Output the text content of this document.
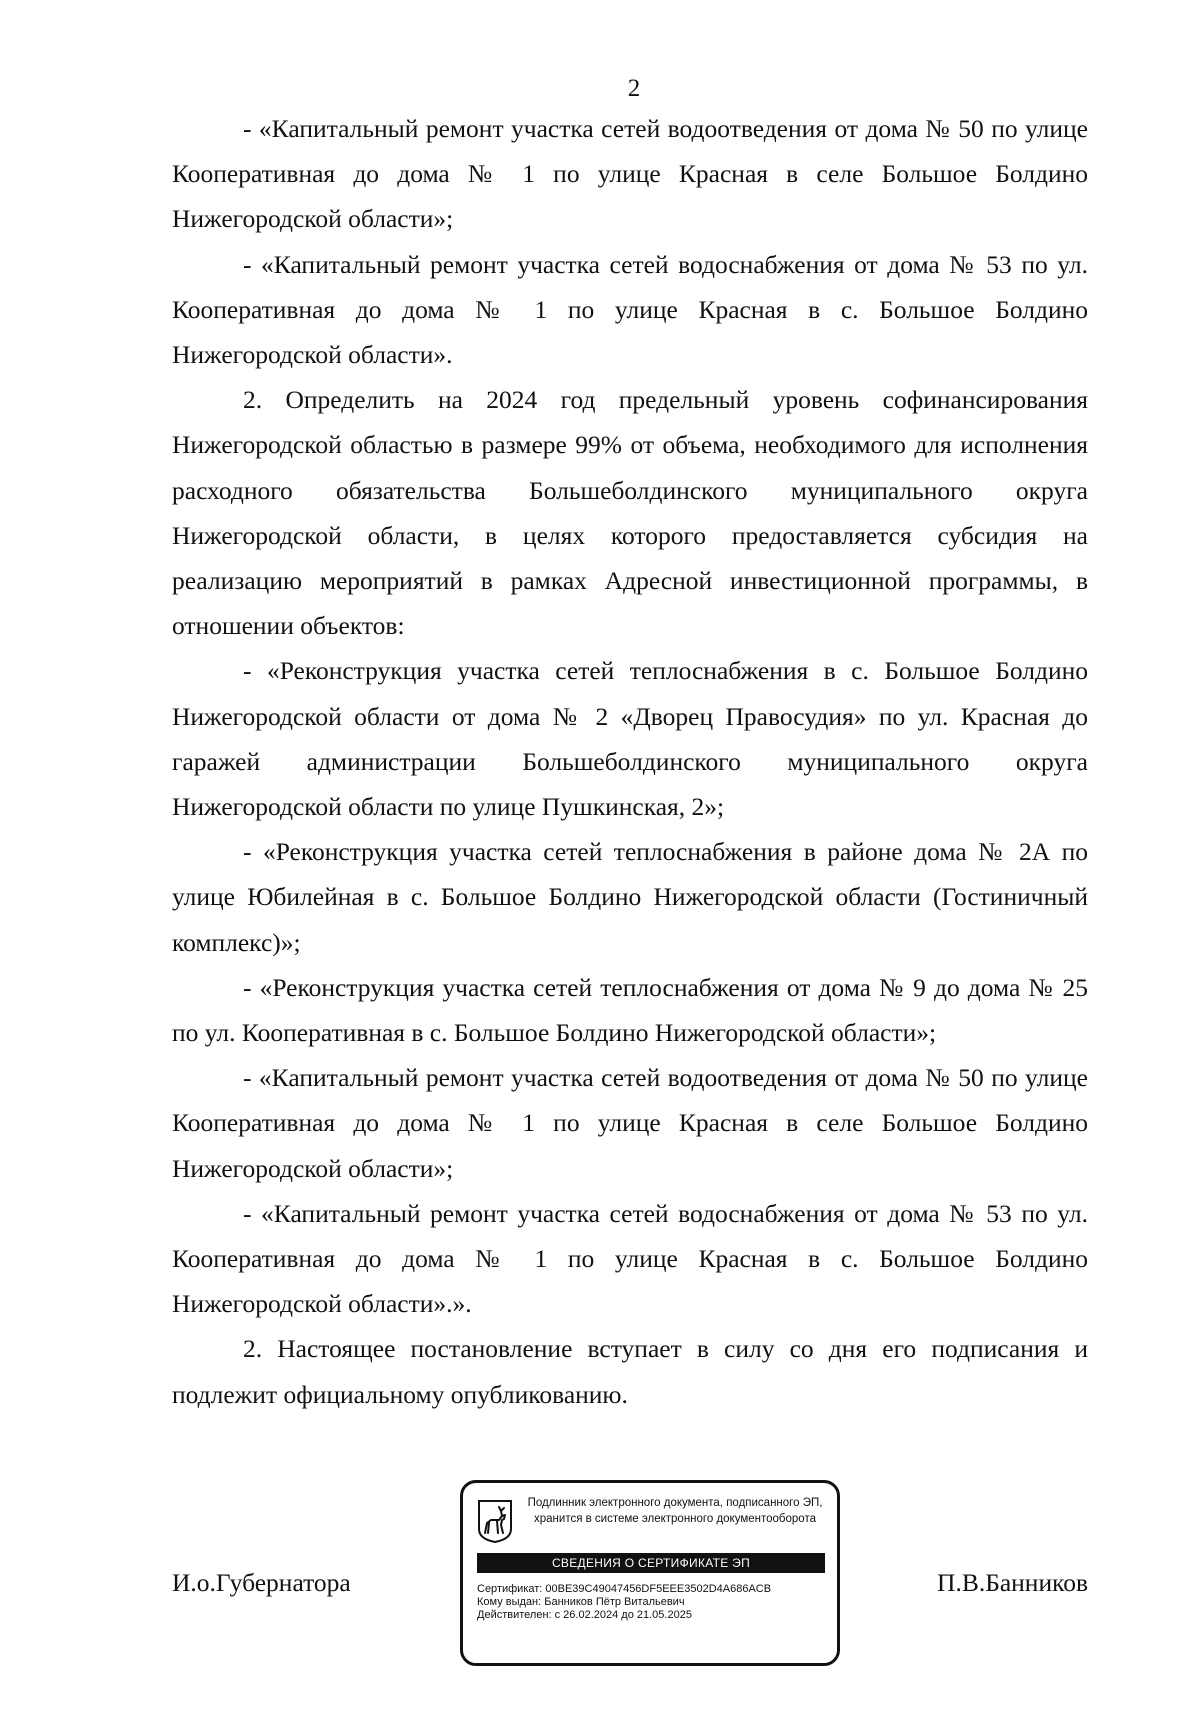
2

- «Капитальный ремонт участка сетей водоотведения от дома № 50 по улице Кооперативная до дома № 1 по улице Красная в селе Большое Болдино Нижегородской области»;

- «Капитальный ремонт участка сетей водоснабжения от дома № 53 по ул. Кооперативная до дома № 1 по улице Красная в с. Большое Болдино Нижегородской области».

2. Определить на 2024 год предельный уровень софинансирования Нижегородской областью в размере 99% от объема, необходимого для исполнения расходного обязательства Большеболдинского муниципального округа Нижегородской области, в целях которого предоставляется субсидия на реализацию мероприятий в рамках Адресной инвестиционной программы, в отношении объектов:

- «Реконструкция участка сетей теплоснабжения в с. Большое Болдино Нижегородской области от дома № 2 «Дворец Правосудия» по ул. Красная до гаражей администрации Большеболдинского муниципального округа Нижегородской области по улице Пушкинская, 2»;

- «Реконструкция участка сетей теплоснабжения в районе дома № 2А по улице Юбилейная в с. Большое Болдино Нижегородской области (Гостиничный комплекс)»;

- «Реконструкция участка сетей теплоснабжения от дома № 9 до дома № 25 по ул. Кооперативная в с. Большое Болдино Нижегородской области»;

- «Капитальный ремонт участка сетей водоотведения от дома № 50 по улице Кооперативная до дома № 1 по улице Красная в селе Большое Болдино Нижегородской области»;

- «Капитальный ремонт участка сетей водоснабжения от дома № 53 по ул. Кооперативная до дома № 1 по улице Красная в с. Большое Болдино Нижегородской области».».

2. Настоящее постановление вступает в силу со дня его подписания и подлежит официальному опубликованию.

И.о.Губернатора
Подлинник электронного документа, подписанного ЭП,
хранится в системе электронного документооборота
СВЕДЕНИЯ О СЕРТИФИКАТЕ ЭП
Сертификат: 00BE39C49047456DF5EEE3502D4A686ACB
Кому выдан: Банников Пётр Витальевич
Действителен: с 26.02.2024 до 21.05.2025
П.В.Банников
